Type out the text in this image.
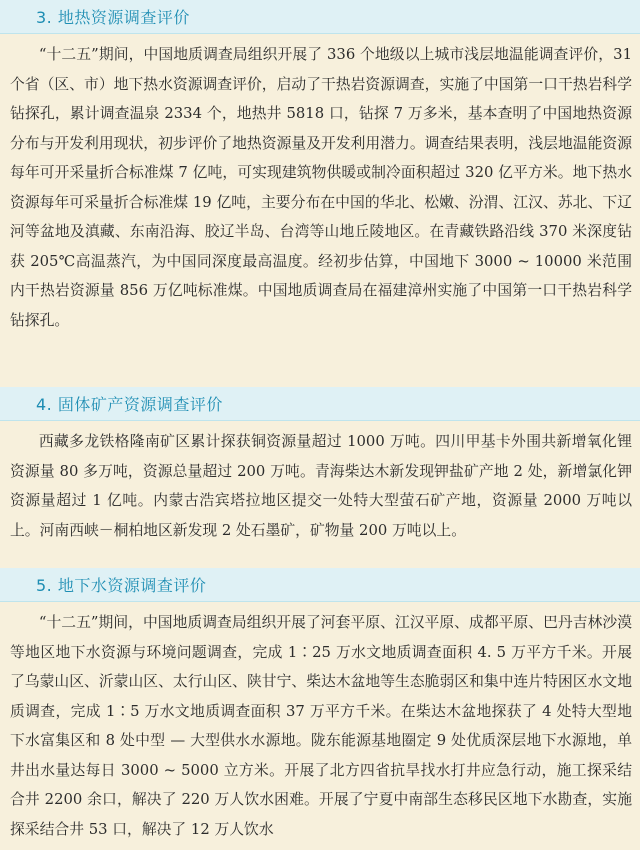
3. 地热资源调查评价

“十二五”期间，中国地质调查局组织开展了 336 个地级以上城市浅层地温能调查评价，31 个省（区、市）地下热水资源调查评价，启动了干热岩资源调查，实施了中国第一口干热岩科学钻探孔，累计调查温泉 2334 个，地热井 5818 口，钻探 7 万多米，基本查明了中国地热资源分布与开发利用现状，初步评价了地热资源量及开发利用潜力。调查结果表明，浅层地温能资源每年可开采量折合标准煤 7 亿吨，可实现建筑物供暖或制冷面积超过 320 亿平方米。地下热水资源每年可采量折合标准煤 19 亿吨，主要分布在中国的华北、松嫩、汾渭、江汉、苏北、下辽河等盆地及滇藏、东南沿海、胶辽半岛、台湾等山地丘陵地区。在青藏铁路沿线 370 米深度钻获 205℃高温蒸汽，为中国同深度最高温度。经初步估算，中国地下 3000 ~ 10000 米范围内干热岩资源量 856 万亿吨标准煤。中国地质调查局在福建漳州实施了中国第一口干热岩科学钻探孔。

4. 固体矿产资源调查评价

西藏多龙铁格隆南矿区累计探获铜资源量超过 1000 万吨。四川甲基卡外围共新增氧化锂资源量 80 多万吨，资源总量超过 200 万吨。青海柴达木新发现钾盐矿产地 2 处，新增氯化钾资源量超过 1 亿吨。内蒙古浩宾塔拉地区提交一处特大型萤石矿产地，资源量 2000 万吨以上。河南西峡－桐柏地区新发现 2 处石墨矿，矿物量 200 万吨以上。

5. 地下水资源调查评价

“十二五”期间，中国地质调查局组织开展了河套平原、江汉平原、成都平原、巴丹吉林沙漠等地区地下水资源与环境问题调查，完成 1∶25 万水文地质调查面积 4. 5 万平方千米。开展了乌蒙山区、沂蒙山区、太行山区、陕甘宁、柴达木盆地等生态脆弱区和集中连片特困区水文地质调查，完成 1∶5 万水文地质调查面积 37 万平方千米。在柴达木盆地探获了 4 处特大型地下水富集区和 8 处中型 — 大型供水水源地。陇东能源基地圈定 9 处优质深层地下水源地，单井出水量达每日 3000 ~ 5000 立方米。开展了北方四省抗旱找水打井应急行动，施工探采结合井 2200 余口，解决了 220 万人饮水困难。开展了宁夏中南部生态移民区地下水勘查，实施探采结合井 53 口，解决了 12 万人饮水
